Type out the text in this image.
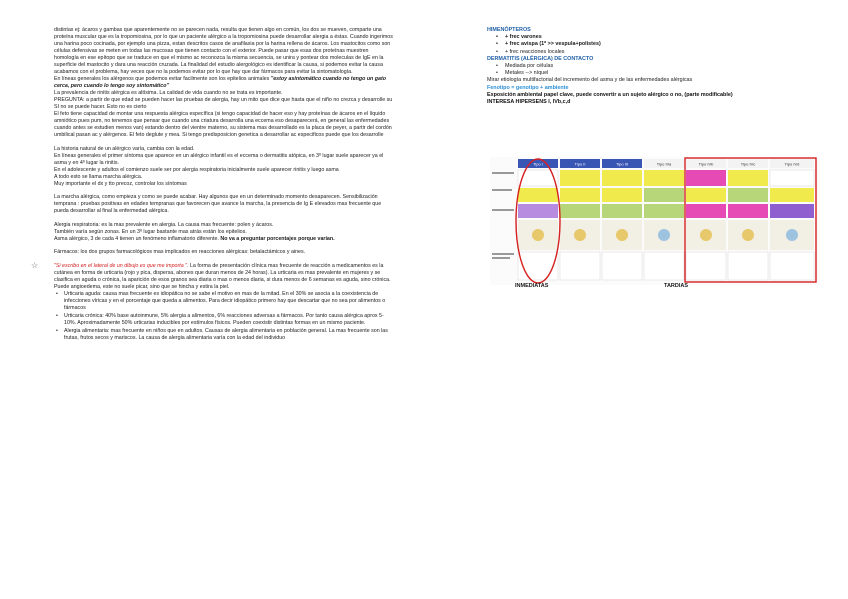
distintas ej: ácaros y gambas que aparentemente no se parecen nada, resulta que tienen algo en común, los dos se mueven, comparte una proteína muscular que es la tropomiosina, por lo que un paciente alérgico a la tropomiosina puede desarrollar alergia a éstas. Cuando ingerimos una harina poco cocinada, por ejemplo una pizza, estan descritos casos de anafilaxia por la harina rellena de ácaros. Los mastocitos como son células defensivas se meten en todas las mucosas que tienen contacto con el exterior. Puede pasar que esas dos proteínas muestren homología en ese epítopo que se traduce en que el mismo ac reconozca la misma secuencia, se unira y pontear dos moleculas de IgE en la superficie del mastocito y dara una reacción cruzada. La finalidad del estudio alergológico es identificar la causa, si podemos evitar la causa acabamos con el problema, hay veces que no la podemos evitar por lo que hay que dar fármacos para evitar la sintomatología.

En líneas generales los alérgenos que podemos evitar facilmente son los epitelios animales "estoy asintomático cuando no tengo un gato cerca, pero cuando lo tengo soy sintomático"

La prevalencia de rinitis alérgica es altísima. La calidad de vida cuando no se trata es importante.

PREGUNTA: a partir de que edad se pueden hacer las pruebas de alergia, hay un mito que dice que hasta que el niño no crezca y desarrolle su SI no se puede hacer. Esto no es cierto

El feto tiene capacidad de montar una respuesta alérgica específica (si tengo capacidad de hacer eso y hay proteínas de ácaros en el líquido amniótico pues pum, no tenemos que pensar que cuando una criatura desarrolla una eccema eso desaparecerá, en general las enfermedades cuando antes se estudien menos van) estando dentro del vientre materno, su sistema mas desarrollado es la placa de peyer, a partir del cordón umbilical pasan ac y alérgenos. El feto deglute y mea. Si tengo predisposicion genetica a desarrollar ac especificos puede que los desarrolle

La historia natural de un alérgico varía, cambia con la edad.

En líneas generales el primer síntoma que aparece en un alérgico infantil es el eccema o dermatitis atópica, en 3º lugar suele aparecer ya el asma y en 4º lugar la rinitis.

En el adolescente y adultos el comienzo suele ser por alergia respiratoria inicialmente suele aparecer rinitis y luego asma

A todo esto se llama marcha alérgica.

Muy importante el dx y tto precoz, controlar los síntomas

La marcha alérgica, como empieza y como se puede acabar. Hay algunos que en un determinado momento desaparecen. Sensibilización temprana : pruebas positivas en edades tempranas que favorecen que avance la marcha, la presencia de Ig E elevados mas frecuente que pueda desarrollar al final la enfermedad alérgica.

Alergia respiratoria: es la mas prevalente en alergia. La causa mas frecuente: polen y ácaros.

También varía según zonas. En un 3º lugar bastante mas atrás están los epitelios.

Asma alérgico, 3 de cada 4 tienen un fenómeno inflamatorio diferente. No va a preguntar porcentajes porque varían.

Fármacos: los dos grupos farmacológicos mas implicados en reacciones alérgicas: betalactámicos y aines.

☆	"Si escribo en el lateral de un dibujo es que me importa ". La forma de presentación clínica mas frecuente de reacción a medicamentos es la cutánea en forma de urticaria (rojo y pica, dispersa, abones que duran menos de 24 horas). La urticaria es mas prevalente en mujeres y se clasifica en aguda o crónica, la aparición de esos granos sea diaria o mas o menos diaria, si dura menos de 6 semanas es aguda, sino crónica. Puede angioedema, este no suele picar, sino que se hincha y estira la piel.

• Urticaria aguda: causa mas frecuente es idiopática no se sabe el motivo en mas de la mitad. En el 30% se asocia a la coexistencia de infecciones víricas y en el porcentaje que queda a alimentos. Para decir idiopático primero hay que descartar que no sea por alimentos o fármacos
• Urticaria crónica: 40% base autoinmune, 5% alergia a alimentos, 6% reacciones adversas a fármacos. Por tanto causa alérgica aprox 5-10%. Aproximadamente 50% urticarias inducibles por estímulos físicos. Pueden coexistir distintas formas en un mismo paciente.
• Alergia alimentaria: mas frecuente en niños que en adultos. Causas de alergia alimentaria en población general. La mas frecuente son las frutas, frutos secos y mariscos. La causa de alergia alimentaria varía con la edad del individuo
HIMENÓPTEROS
• + frec varones
• + frec avispa (1º >> vespula+polistes)
• + frec reacciones locales
DERMATITIS (ALÉRGICA) DE CONTACTO
• Mediada por células
• Metales --> níquel
Mirar etiología multifactorial del incremento del asma y de las enfermedades alérgicas
Fenotipo = genotipo + ambiente
Exposición ambiental papel clave, puede convertir a un sujeto alérgico o no, (parte modificable)
INTERESA HIPERSENS I, IVb,c,d
Tipo I	Tipo II	Tipo III	Tipo IVa	Tipo IVb	Tipo IVc	Tipo IVd
INMEDIATAS	TARDIAS
